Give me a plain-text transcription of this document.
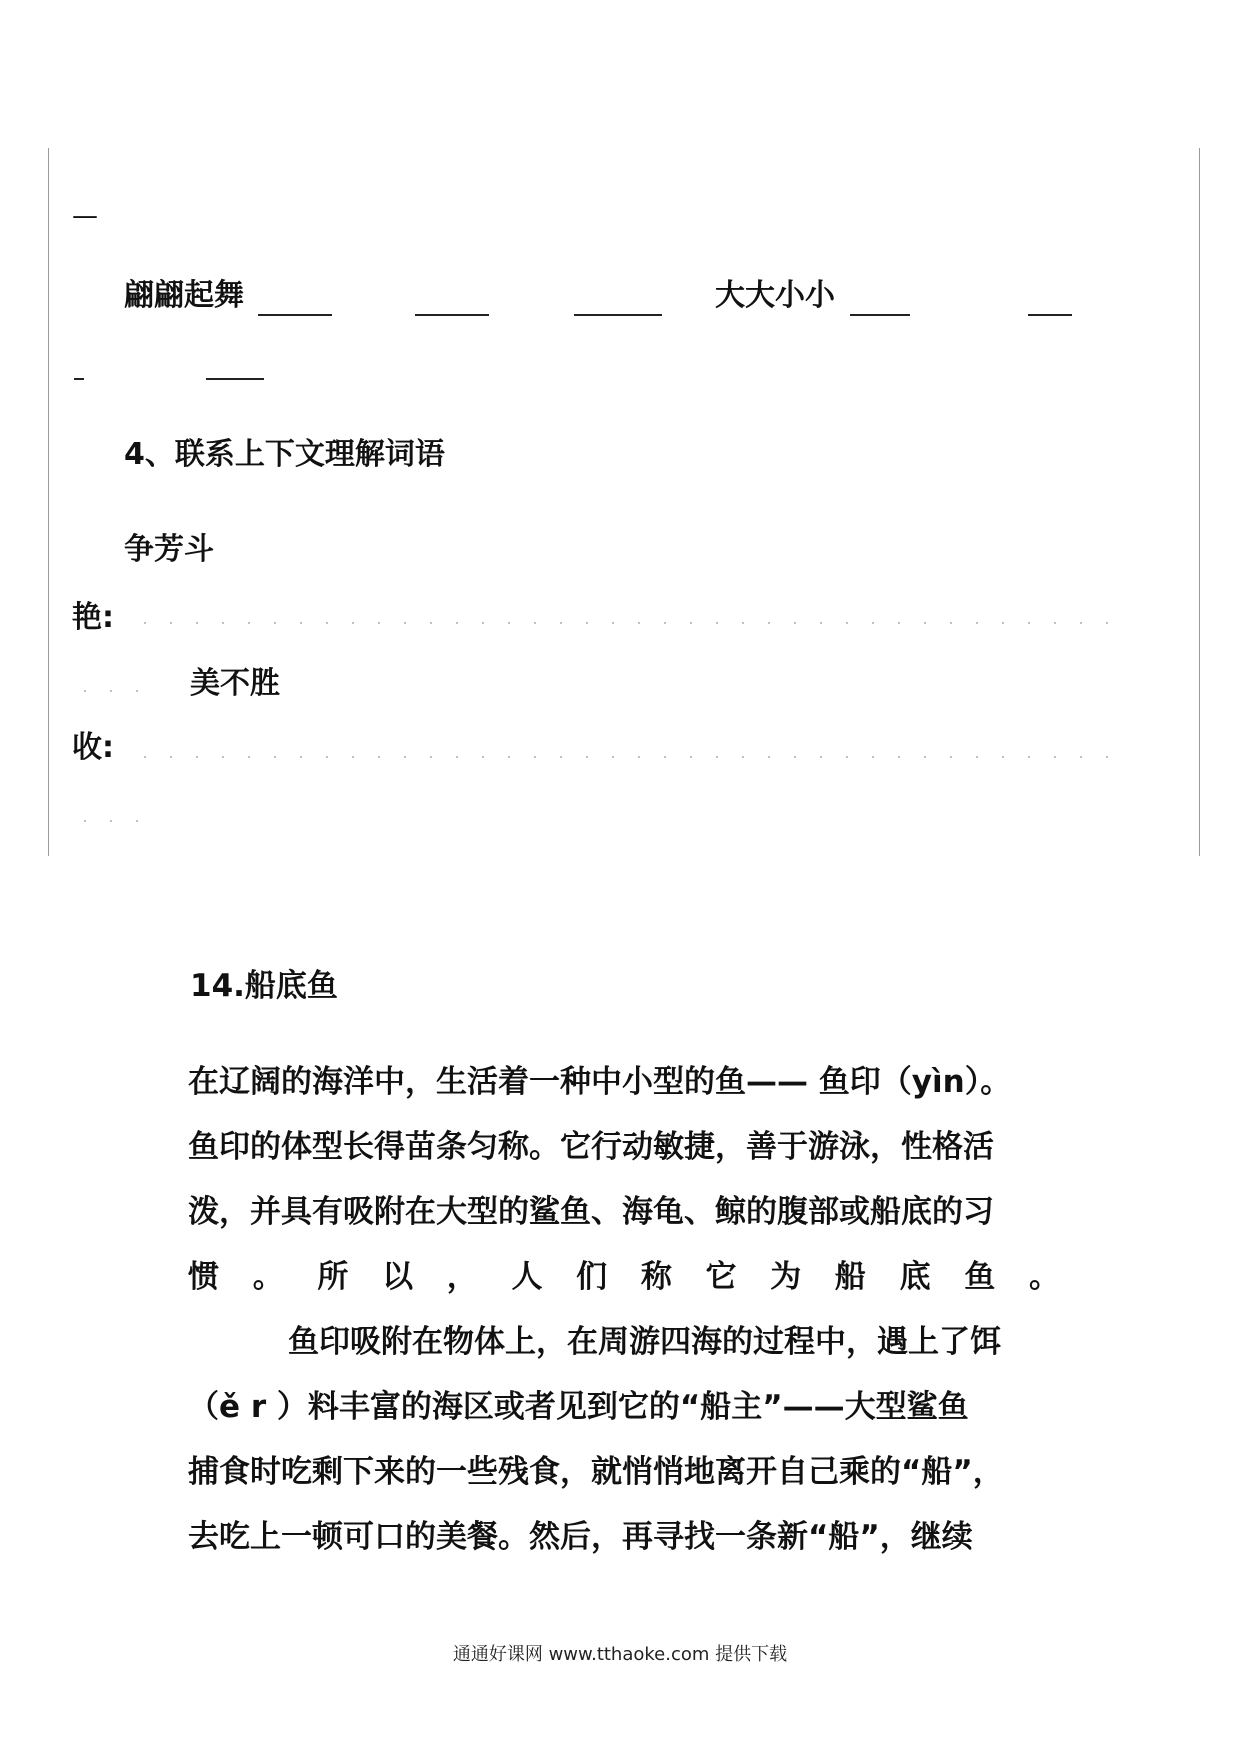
—
翩翩起舞	大大小小
4、联系上下文理解词语
争芳斗
艳:
美不胜
收:
14.船底鱼
在辽阔的海洋中，生活着一种中小型的鱼—— 鱼印（yìn）。
鱼印的体型长得苗条匀称。它行动敏捷，善于游泳，性格活
泼，并具有吸附在大型的鲨鱼、海龟、鲸的腹部或船底的习
惯 。 所 以 ， 人 们 称 它 为 船 底 鱼 。
鱼印吸附在物体上，在周游四海的过程中，遇上了饵
（ě r ）料丰富的海区或者见到它的“船主”——大型鲨鱼
捕食时吃剩下来的一些残食，就悄悄地离开自己乘的“船”，
去吃上一顿可口的美餐。然后，再寻找一条新“船”，继续
通通好课网 www.tthaoke.com 提供下载
